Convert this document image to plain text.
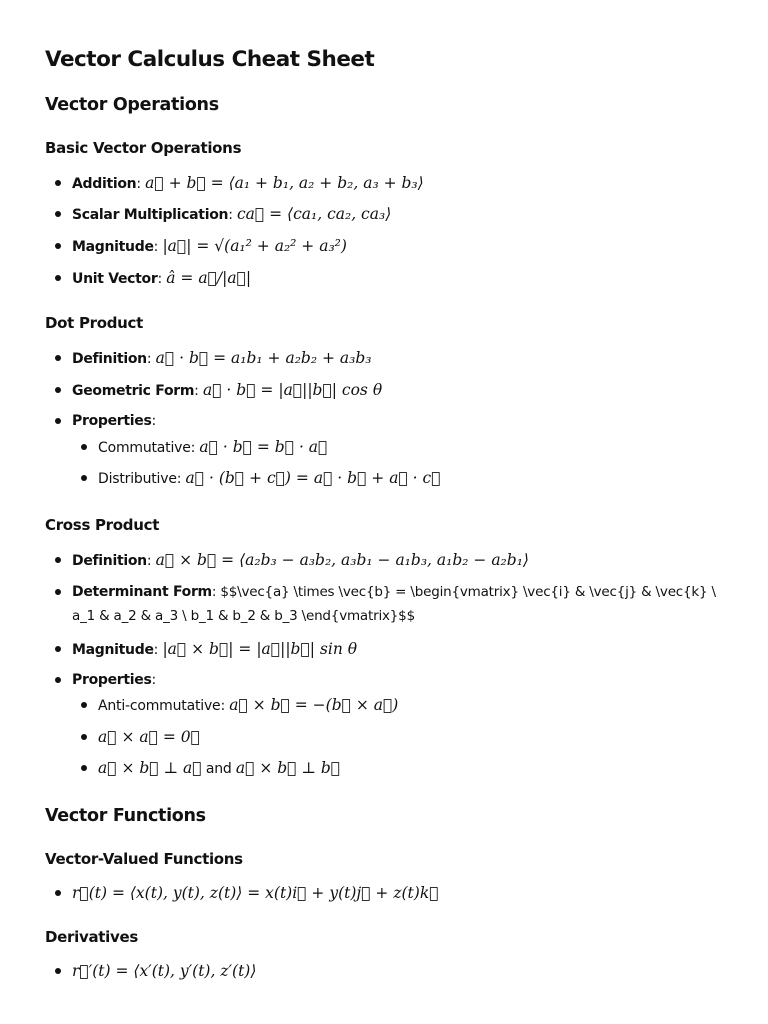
Vector Calculus Cheat Sheet
Vector Operations
Basic Vector Operations
Addition: a⃗ + b⃗ = ⟨a₁ + b₁, a₂ + b₂, a₃ + b₃⟩
Scalar Multiplication: ca⃗ = ⟨ca₁, ca₂, ca₃⟩
Magnitude: |a⃗| = √(a₁² + a₂² + a₃²)
Unit Vector: â = a⃗/|a⃗|
Dot Product
Definition: a⃗ · b⃗ = a₁b₁ + a₂b₂ + a₃b₃
Geometric Form: a⃗ · b⃗ = |a⃗||b⃗| cos θ
Properties:
Commutative: a⃗ · b⃗ = b⃗ · a⃗
Distributive: a⃗ · (b⃗ + c⃗) = a⃗ · b⃗ + a⃗ · c⃗
Cross Product
Definition: a⃗ × b⃗ = ⟨a₂b₃ − a₃b₂, a₃b₁ − a₁b₃, a₁b₂ − a₂b₁⟩
Determinant Form: $$\vec{a} \times \vec{b} = \begin{vmatrix} \vec{i} & \vec{j} & \vec{k} \ a_1 & a_2 & a_3 \ b_1 & b_2 & b_3 \end{vmatrix}$$
Magnitude: |a⃗ × b⃗| = |a⃗||b⃗| sin θ
Properties:
Anti-commutative: a⃗ × b⃗ = −(b⃗ × a⃗)
a⃗ × a⃗ = 0⃗
a⃗ × b⃗ ⊥ a⃗ and a⃗ × b⃗ ⊥ b⃗
Vector Functions
Vector-Valued Functions
r⃗(t) = ⟨x(t), y(t), z(t)⟩ = x(t)i⃗ + y(t)j⃗ + z(t)k⃗
Derivatives
r⃗′(t) = ⟨x′(t), y′(t), z′(t)⟩
